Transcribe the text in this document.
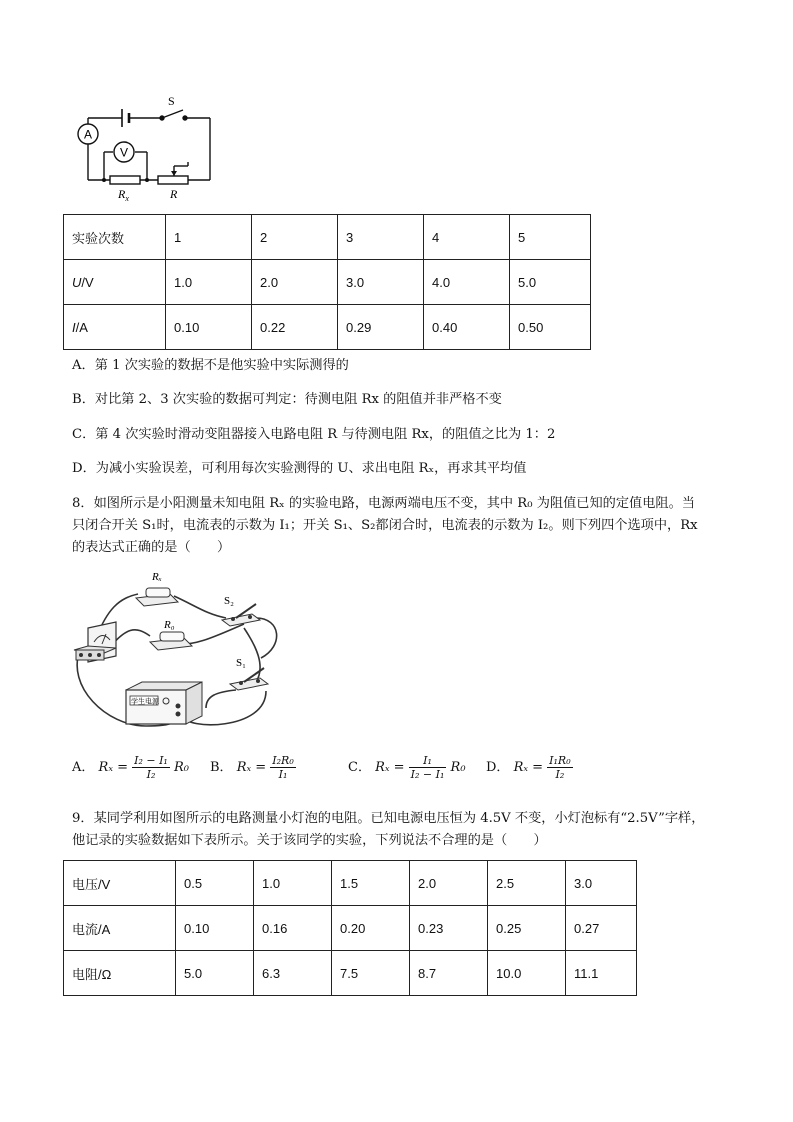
A
V
S
$R_x$	R
实验次数	1	2	3	4	5
U/V	1.0	2.0	3.0	4.0	5.0
I/A	0.10	0.22	0.29	0.40	0.50
A．第 1 次实验的数据不是他实验中实际测得的
B．对比第 2、3 次实验的数据可判定：待测电阻 Rx 的阻值并非严格不变
C．第 4 次实验时滑动变阻器接入电路电阻 R 与待测电阻 Rx，的阻值之比为 1：2
D．为减小实验误差，可利用每次实验测得的 U、求出电阻 Rₓ，再求其平均值
8．如图所示是小阳测量未知电阻 Rₓ 的实验电路，电源两端电压不变，其中 R₀ 为阻值已知的定值电阻。当
只闭合开关 S₁时，电流表的示数为 I₁；开关 S₁、S₂都闭合时，电流表的示数为 I₂。则下列四个选项中，Rx
的表达式正确的是（　　）
学生电源
Rₓ
R₀
S₂
S₁
A． $R_x = \frac{\text{I₂ − I₁}}{\text{I₂}} R_0$ B． $R_x = \frac{\text{I₂R₀}}{\text{I₁}}$	C． $R_x = \frac{\text{I₁}}{\text{I₂ − I₁}} R_0$ D． $R_x = \frac{\text{I₁R₀}}{\text{I₂}}$
9．某同学利用如图所示的电路测量小灯泡的电阻。已知电源电压恒为 4.5V 不变，小灯泡标有“2.5V”字样，
他记录的实验数据如下表所示。关于该同学的实验，下列说法不合理的是（　　）
电压/V	0.5	1.0	1.5	2.0	2.5	3.0
电流/A	0.10	0.16	0.20	0.23	0.25	0.27
电阻/Ω	5.0	6.3	7.5	8.7	10.0	11.1
